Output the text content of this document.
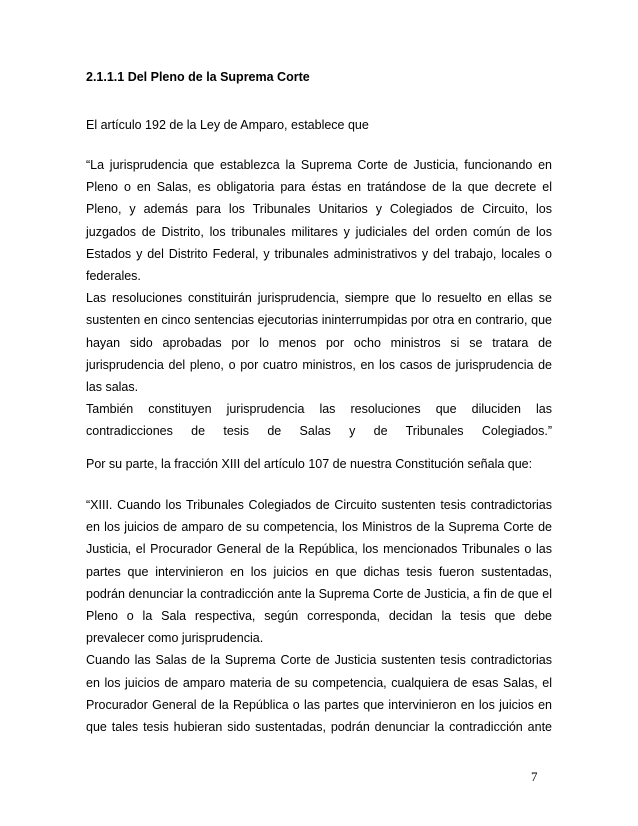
2.1.1.1 Del Pleno de la Suprema Corte

El artículo 192 de la Ley de Amparo, establece que

“La jurisprudencia que establezca la Suprema Corte de Justicia, funcionando en Pleno o en Salas, es obligatoria para éstas en tratándose de la que decrete el Pleno, y además para los Tribunales Unitarios y Colegiados de Circuito, los juzgados de Distrito, los tribunales militares y judiciales del orden común de los Estados y del Distrito Federal, y tribunales administrativos y del trabajo, locales o federales.

Las resoluciones constituirán jurisprudencia, siempre que lo resuelto en ellas se sustenten en cinco sentencias ejecutorias ininterrumpidas por otra en contrario, que hayan sido aprobadas por lo menos por ocho ministros si se tratara de jurisprudencia del pleno, o por cuatro ministros, en los casos de jurisprudencia de las salas.

También constituyen jurisprudencia las resoluciones que diluciden las contradicciones de tesis de Salas y de Tribunales Colegiados.”

Por su parte, la fracción XIII del artículo 107 de nuestra Constitución señala que:

“XIII. Cuando los Tribunales Colegiados de Circuito sustenten tesis contradictorias en los juicios de amparo de su competencia, los Ministros de la Suprema Corte de Justicia, el Procurador General de la República, los mencionados Tribunales o las partes que intervinieron en los juicios en que dichas tesis fueron sustentadas, podrán denunciar la contradicción ante la Suprema Corte de Justicia, a fin de que el Pleno o la Sala respectiva, según corresponda, decidan la tesis que debe prevalecer como jurisprudencia.

Cuando las Salas de la Suprema Corte de Justicia sustenten tesis contradictorias en los juicios de amparo materia de su competencia, cualquiera de esas Salas, el Procurador General de la República o las partes que intervinieron en los juicios en que tales tesis hubieran sido sustentadas, podrán denunciar la contradicción ante

7
